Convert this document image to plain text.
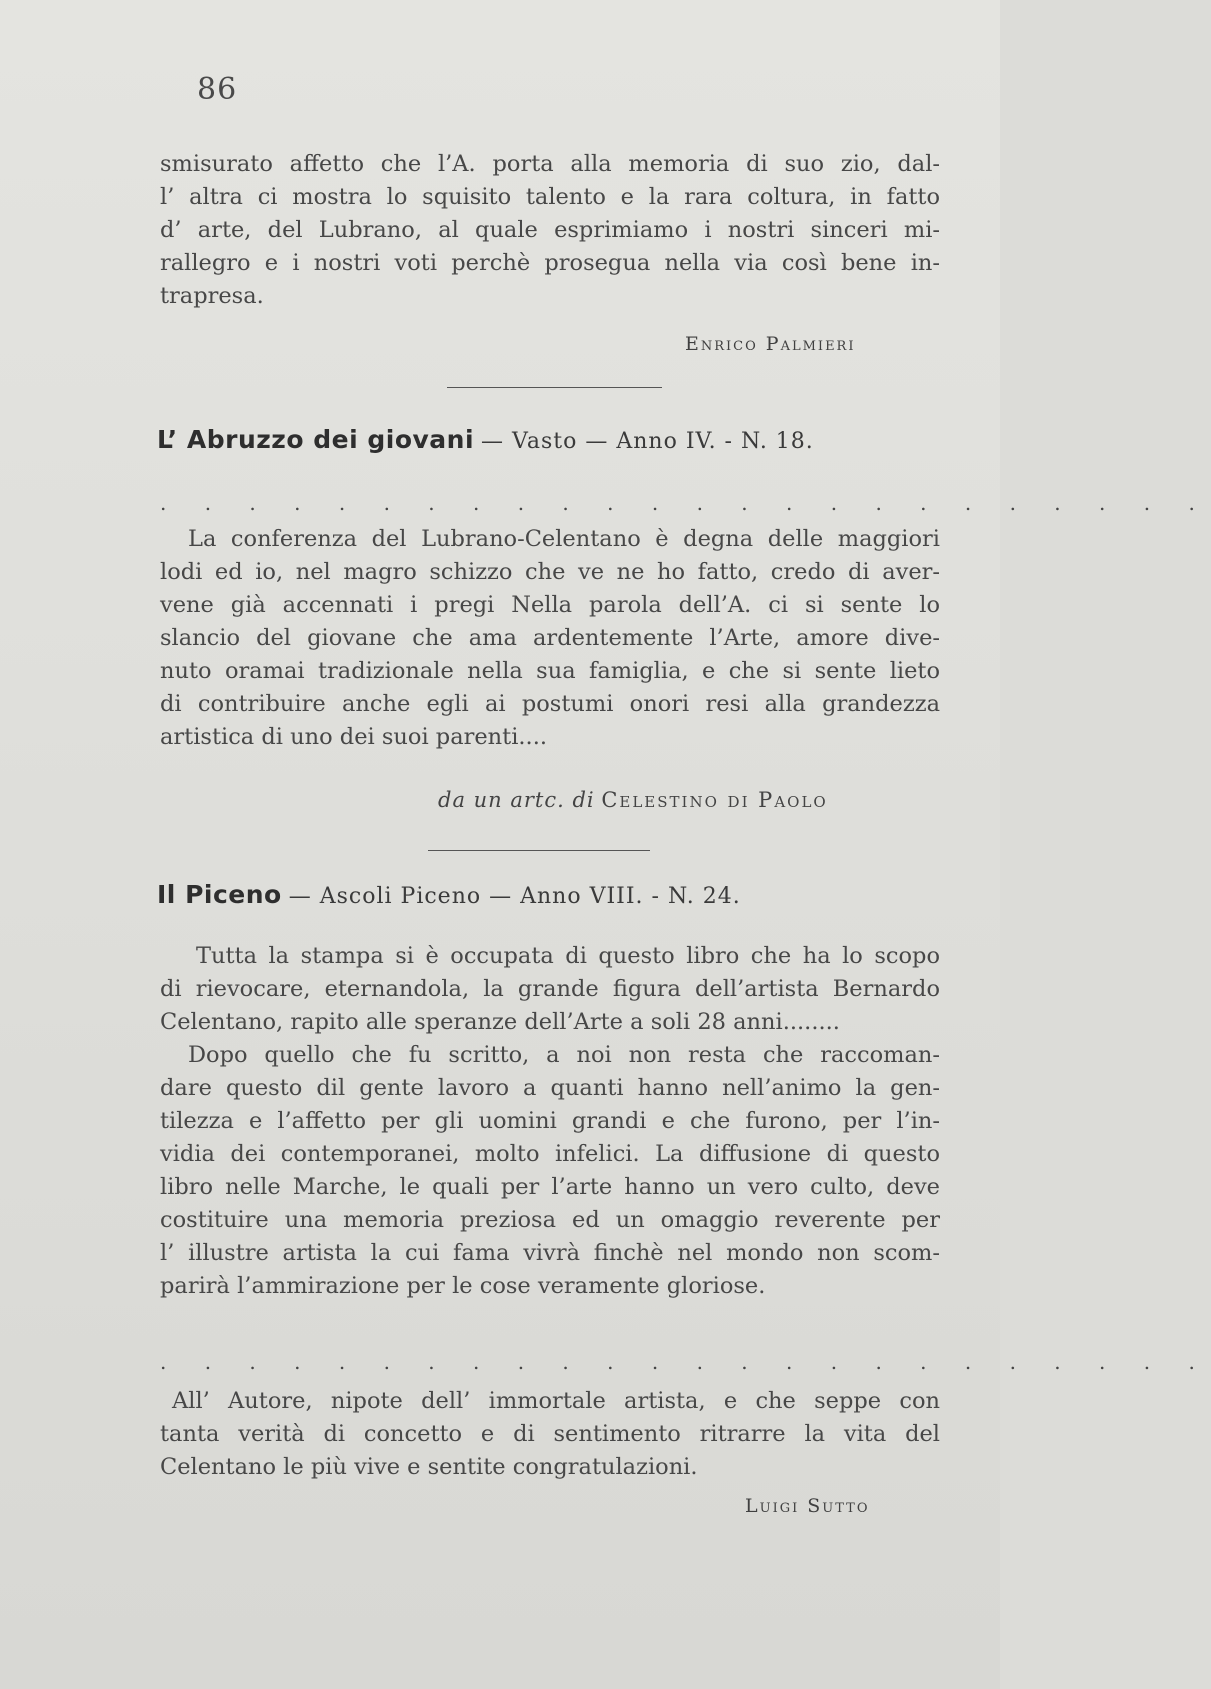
86
smisurato affetto che l’A. porta alla memoria di suo zio, dal-
l’ altra ci mostra lo squisito talento e la rara coltura, in fatto
d’ arte, del Lubrano, al quale esprimiamo i nostri sinceri mi-
rallegro e i nostri voti perchè prosegua nella via così bene in-
trapresa.
Enrico Palmieri
L’ Abruzzo dei giovani — Vasto — Anno IV. - N. 18.
. . . . . . . . . . . . . . . . . . . . . . . .
La conferenza del Lubrano-Celentano è degna delle maggiori
lodi ed io, nel magro schizzo che ve ne ho fatto, credo di aver-
vene già accennati i pregi Nella parola dell’A. ci si sente lo
slancio del giovane che ama ardentemente l’Arte, amore dive-
nuto oramai tradizionale nella sua famiglia, e che si sente lieto
di contribuire anche egli ai postumi onori resi alla grandezza
artistica di uno dei suoi parenti....
da un artc. di Celestino di Paolo
Il Piceno — Ascoli Piceno — Anno VIII. - N. 24.
Tutta la stampa si è occupata di questo libro che ha lo scopo
di rievocare, eternandola, la grande figura dell’artista Bernardo
Celentano, rapito alle speranze dell’Arte a soli 28 anni........
Dopo quello che fu scritto, a noi non resta che raccoman-
dare questo dil gente lavoro a quanti hanno nell’animo la gen-
tilezza e l’affetto per gli uomini grandi e che furono, per l’in-
vidia dei contemporanei, molto infelici. La diffusione di questo
libro nelle Marche, le quali per l’arte hanno un vero culto, deve
costituire una memoria preziosa ed un omaggio reverente per
l’ illustre artista la cui fama vivrà finchè nel mondo non scom-
parirà l’ammirazione per le cose veramente gloriose.
. . . . . . . . . . . . . . . . . . . . . . . .
All’ Autore, nipote dell’ immortale artista, e che seppe con
tanta verità di concetto e di sentimento ritrarre la vita del
Celentano le più vive e sentite congratulazioni.
Luigi Sutto
